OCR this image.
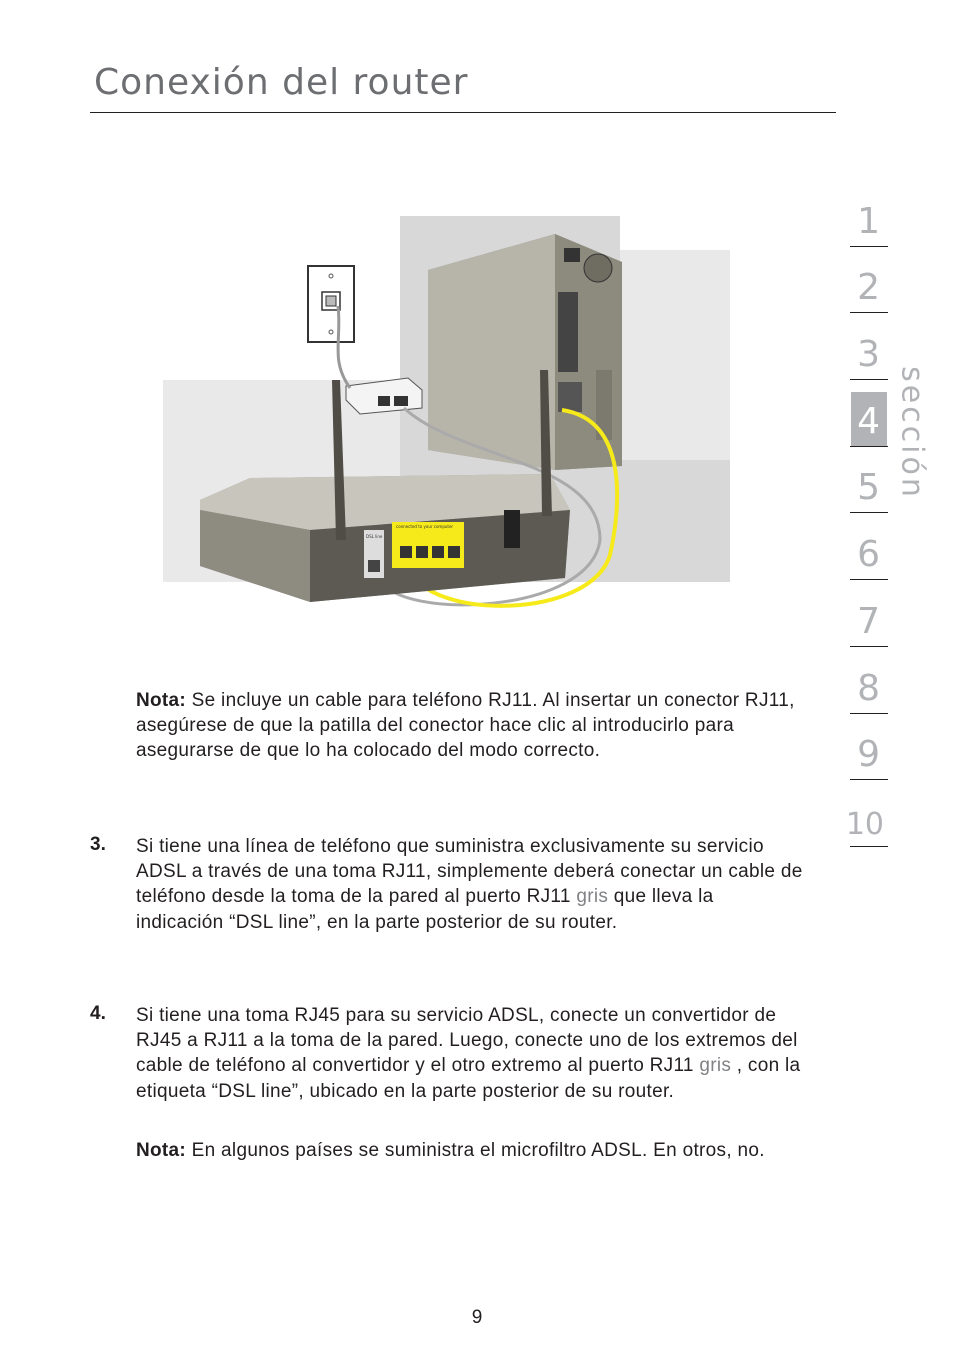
Conexión del router
connected to your computer
DSL line
1
2
3
4
5
6
7
8
9
10
sección

Nota: Se incluye un cable para teléfono RJ11. Al insertar un conector RJ11, asegúrese de que la patilla del conector hace clic al introducirlo para asegurarse de que lo ha colocado del modo correcto.

3. Si tiene una línea de teléfono que suministra exclusivamente su servicio ADSL a través de una toma RJ11, simplemente deberá conectar un cable de teléfono desde la toma de la pared al puerto RJ11 gris que lleva la indicación “DSL line”, en la parte posterior de su router.

4. Si tiene una toma RJ45 para su servicio ADSL, conecte un convertidor de RJ45 a RJ11 a la toma de la pared. Luego, conecte uno de los extremos del cable de teléfono al convertidor y el otro extremo al puerto RJ11 gris , con la etiqueta “DSL line”, ubicado en la parte posterior de su router.

Nota: En algunos países se suministra el microfiltro ADSL. En otros, no.

9
